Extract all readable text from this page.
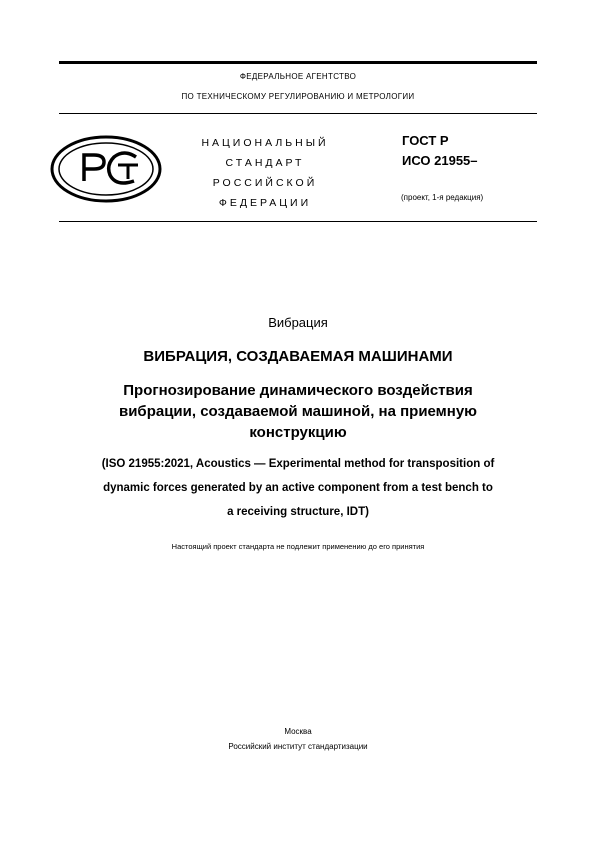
ФЕДЕРАЛЬНОЕ АГЕНТСТВО
ПО ТЕХНИЧЕСКОМУ РЕГУЛИРОВАНИЮ И МЕТРОЛОГИИ
НАЦИОНАЛЬНЫЙ
СТАНДАРТ
РОССИЙСКОЙ
ФЕДЕРАЦИИ
ГОСТ Р
ИСО 21955–
(проект, 1-я редакция)
Вибрация
ВИБРАЦИЯ, СОЗДАВАЕМАЯ МАШИНАМИ
Прогнозирование динамического воздействия
вибрации, создаваемой машиной, на приемную
конструкцию
(ISO 21955:2021, Acoustics — Experimental method for transposition of
dynamic forces generated by an active component from a test bench to
a receiving structure, IDT)
Настоящий проект стандарта не подлежит применению до его принятия
Москва
Российский институт стандартизации
